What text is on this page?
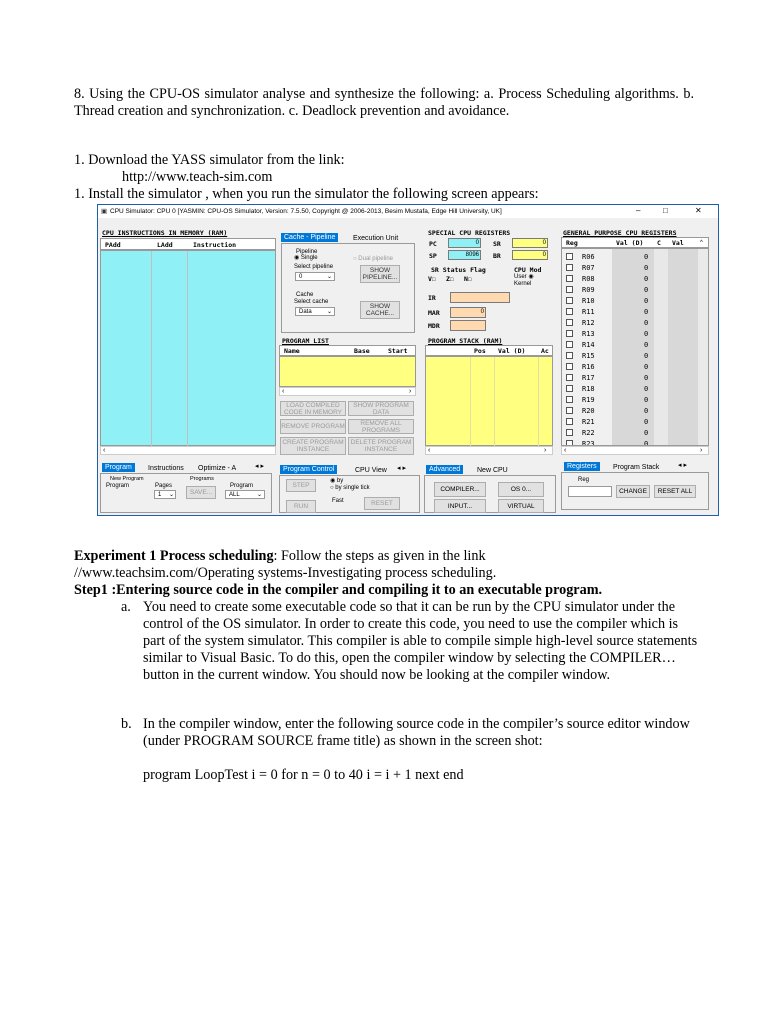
8. Using the CPU-OS simulator analyse and synthesize the following: a. Process Scheduling algorithms. b. Thread creation and synchronization. c. Deadlock prevention and avoidance.
1. Download the YASS simulator from the link:
http://www.teach-sim.com
1. Install the simulator , when you run the simulator the following screen appears:
▣ CPU Simulator: CPU 0 [YASMIN: CPU-OS Simulator, Version: 7.5.50, Copyright @ 2006-2013, Besim Mustafa, Edge Hill University, UK]	–	□	✕
CPU INSTRUCTIONS IN MEMORY (RAM)
PAdd	LAdd	Instruction
‹
Cache - Pipeline	Execution Unit
Pipeline
◉ Single	○ Dual pipeline
Select pipeline
0	⌄
SHOW PIPELINE...
Cache
Select cache
Data	⌄
SHOW CACHE...
SPECIAL CPU REGISTERS
PC	0	SR	0
SP	8096	BR	0
SR Status Flag
V☐ Z☐ N☐
CPU Mod
User ◉
Kernel
IR
MAR	0
MDR
PROGRAM LIST
Name	Base	Start
‹	›
LOAD COMPILED CODE IN MEMORY
SHOW PROGRAM DATA
REMOVE PROGRAM	REMOVE ALL PROGRAMS
CREATE PROGRAM INSTANCE
DELETE PROGRAM INSTANCE
PROGRAM STACK (RAM)
Pos Val (D) Ac
‹	›
GENERAL PURPOSE CPU REGISTERS
Reg	Val (D) C Val	^
R06	0
R07	0
R08	0
R09	0
R10	0
R11	0
R12	0
R13	0
R14	0
R15	0
R16	0
R17	0
R18	0
R19	0
R20	0
R21	0
R22	0
R23	0
‹	›
Program	Instructions Optimize - A	◂ ▸
New Program
Program	Pages
1 ⌄
Programs
SAVE...
Program
ALL	⌄
Program Control	CPU View ◂ ▸
STEP
◉ by
○ by single tick
Fast
RUN	RESET
Advanced	New CPU
COMPILER...	OS 0...
INPUT...	VIRTUAL
Registers	Program Stack	◂ ▸
Reg
CHANGE	RESET ALL
Experiment 1 Process scheduling: Follow the steps as given in the link
//www.teachsim.com/Operating systems-Investigating process scheduling.
Step1 :Entering source code in the compiler and compiling it to an executable program.
a. You need to create some executable code so that it can be run by the CPU simulator under the control of the OS simulator. In order to create this code, you need to use the compiler which is part of the system simulator. This compiler is able to compile simple high-level source statements similar to Visual Basic. To do this, open the compiler window by selecting the COMPILER… button in the current window. You should now be looking at the compiler window.
b. In the compiler window, enter the following source code in the compiler’s source editor window (under PROGRAM SOURCE frame title) as shown in the screen shot:
program LoopTest i = 0 for n = 0 to 40 i = i + 1 next end
